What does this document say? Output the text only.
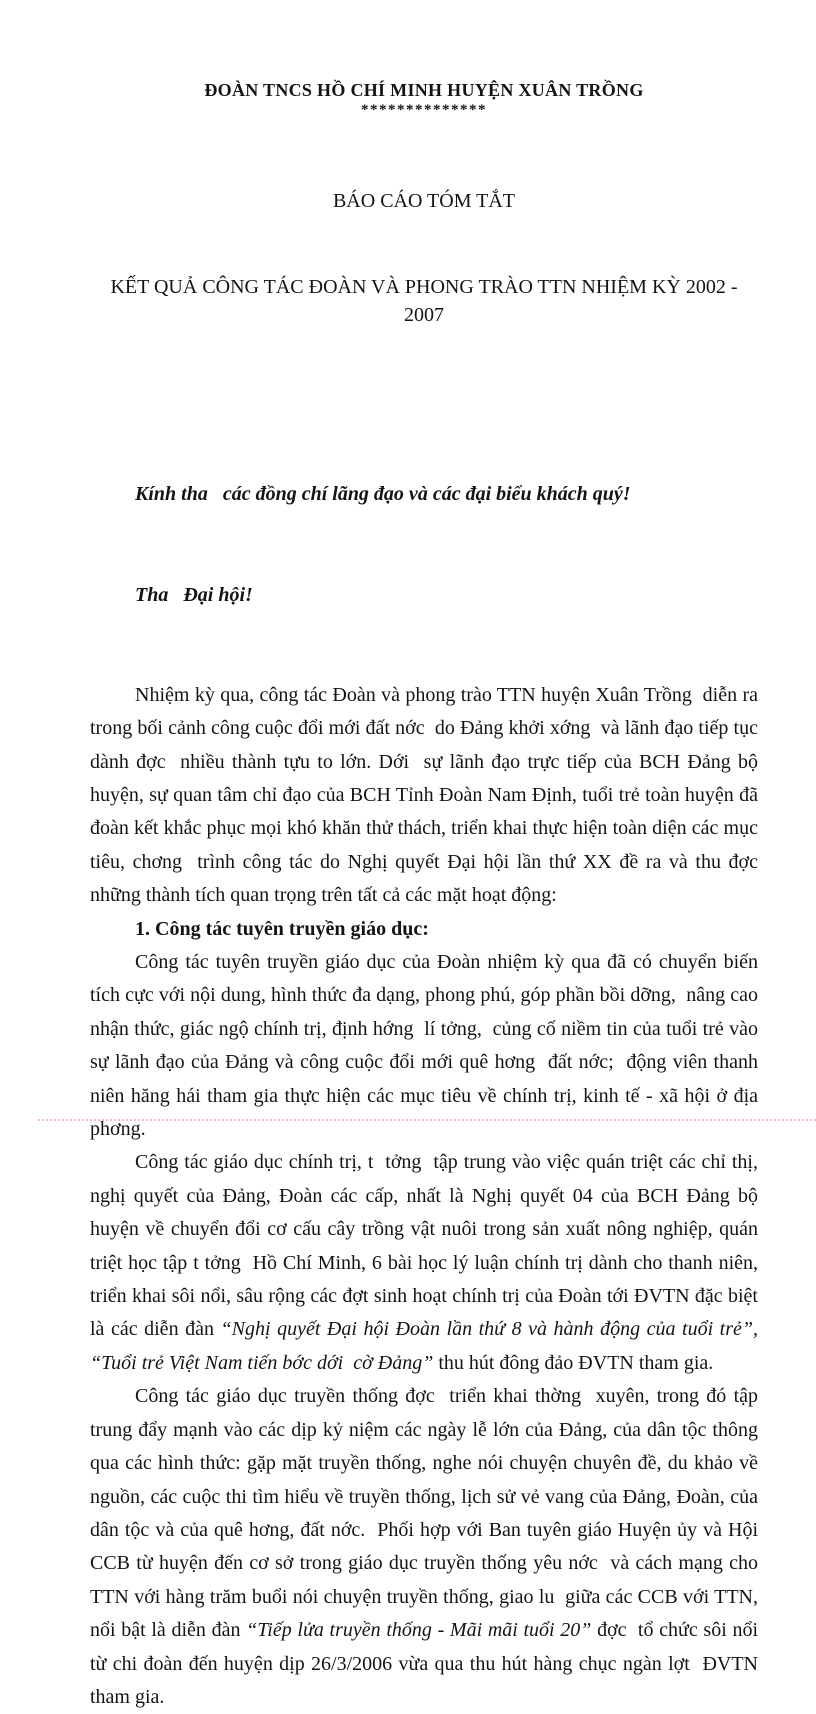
ĐOÀN TNCS HỒ CHÍ MINH HUYỆN XUÂN TRỒNG
**************

BÁO CÁO TÓM TẮT

KẾT QUẢ CÔNG TÁC ĐOÀN VÀ PHONG TRÀO TTN NHIỆM KỲ 2002 - 2007

Kính tha   các đồng chí lãng đạo và các đại biểu khách quý!

Tha   Đại hội!

Nhiệm kỳ qua, công tác Đoàn và phong trào TTN huyện Xuân Trồng  diễn ra trong bối cảnh công cuộc đổi mới đất nớc  do Đảng khởi xớng  và lãnh đạo tiếp tục dành đợc  nhiều thành tựu to lớn. Dới  sự lãnh đạo trực tiếp của BCH Đảng bộ huyện, sự quan tâm chỉ đạo của BCH Tỉnh Đoàn Nam Định, tuổi trẻ toàn huyện đã đoàn kết khắc phục mọi khó khăn thử thách, triển khai thực hiện toàn diện các mục tiêu, chơng  trình công tác do Nghị quyết Đại hội lần thứ XX đề ra và thu đợc  những thành tích quan trọng trên tất cả các mặt hoạt động:

1. Công tác tuyên truyền giáo dục:

Công tác tuyên truyền giáo dục của Đoàn nhiệm kỳ qua đã có chuyển biến tích cực với nội dung, hình thức đa dạng, phong phú, góp phần bồi dỡng,  nâng cao nhận thức, giác ngộ chính trị, định hớng  lí tởng,  củng cố niềm tin của tuổi trẻ vào sự lãnh đạo của Đảng và công cuộc đổi mới quê hơng  đất nớc;  động viên thanh niên hăng hái tham gia thực hiện các mục tiêu về chính trị, kinh tế - xã hội ở địa phơng.

Công tác giáo dục chính trị, t  tởng  tập trung vào việc quán triệt các chỉ thị, nghị quyết của Đảng, Đoàn các cấp, nhất là Nghị quyết 04 của BCH Đảng bộ huyện về chuyển đổi cơ cấu cây trồng vật nuôi trong sản xuất nông nghiệp, quán triệt học tập t tởng  Hồ Chí Minh, 6 bài học lý luận chính trị dành cho thanh niên, triển khai sôi nổi, sâu rộng các đợt sinh hoạt chính trị của Đoàn tới ĐVTN đặc biệt là các diễn đàn “Nghị quyết Đại hội Đoàn lần thứ 8 và hành động của tuổi trẻ”, “Tuổi trẻ Việt Nam tiến bớc dới  cờ Đảng” thu hút đông đảo ĐVTN tham gia.

Công tác giáo dục truyền thống đợc  triển khai thờng  xuyên, trong đó tập trung đẩy mạnh vào các dịp kỷ niệm các ngày lễ lớn của Đảng, của dân tộc thông qua các hình thức: gặp mặt truyền thống, nghe nói chuyện chuyên đề, du khảo về nguồn, các cuộc thi tìm hiểu về truyền thống, lịch sử vẻ vang của Đảng, Đoàn, của dân tộc và của quê hơng, đất nớc.  Phối hợp với Ban tuyên giáo Huyện ủy và Hội CCB từ huyện đến cơ sở trong giáo dục truyền thống yêu nớc  và cách mạng cho TTN với hàng trăm buổi nói chuyện truyền thống, giao lu  giữa các CCB với TTN, nổi bật là diễn đàn “Tiếp lửa truyền thống - Mãi mãi tuổi 20” đợc  tổ chức sôi nổi từ chi đoàn đến huyện dịp 26/3/2006 vừa qua thu hút hàng chục ngàn lợt  ĐVTN tham gia.
